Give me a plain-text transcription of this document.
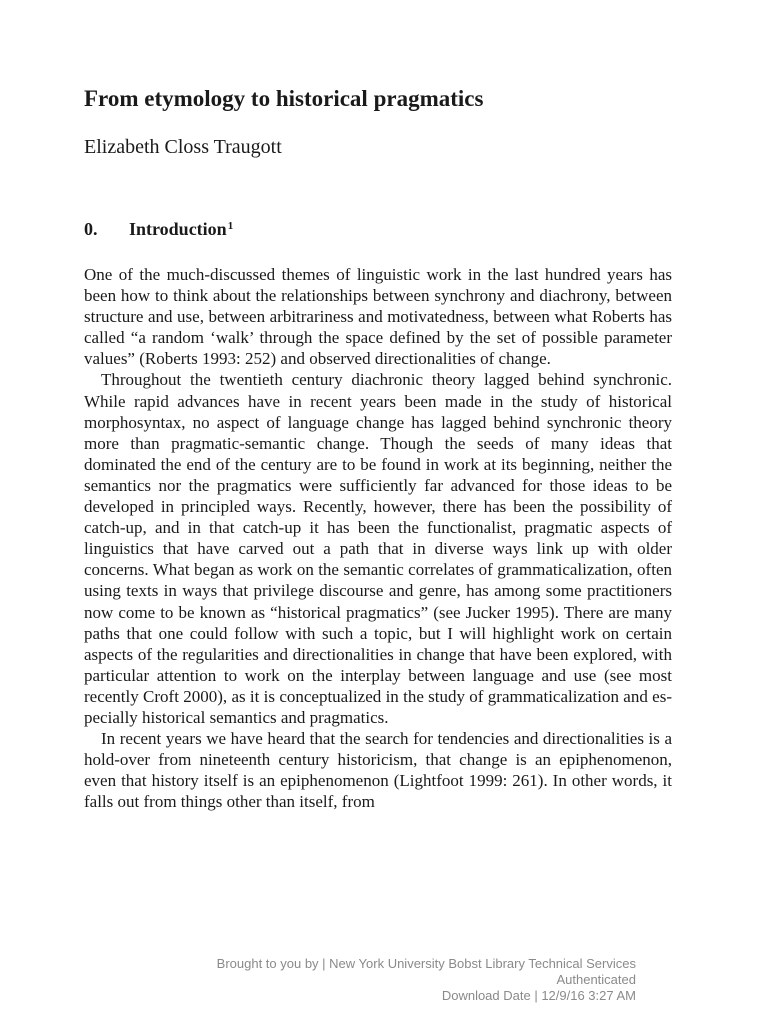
From etymology to historical pragmatics
Elizabeth Closs Traugott
0. Introduction$^1$

One of the much-discussed themes of linguistic work in the last hundred years has been how to think about the relationships between synchrony and diachrony, between structure and use, between arbitrariness and motivatedness, between what Roberts has called “a random ‘walk’ through the space defined by the set of possible parameter values” (Roberts 1993: 252) and observed directionalities of change.

Throughout the twentieth century diachronic theory lagged behind synchronic. While rapid advances have in recent years been made in the study of historical morphosyntax, no aspect of language change has lagged behind synchronic theory more than pragmatic-semantic change. Though the seeds of many ideas that dominated the end of the century are to be found in work at its beginning, neither the semantics nor the pragmatics were sufficiently far advanced for those ideas to be developed in principled ways. Recently, however, there has been the possibility of catch-up, and in that catch-up it has been the functionalist, pragmatic aspects of linguistics that have carved out a path that in diverse ways link up with older concerns. What began as work on the semantic correlates of grammaticalization, often using texts in ways that privilege discourse and genre, has among some practitioners now come to be known as “historical pragmatics” (see Jucker 1995). There are many paths that one could follow with such a topic, but I will highlight work on certain aspects of the regularities and directionalities in change that have been explored, with particular attention to work on the interplay between language and use (see most recently Croft 2000), as it is conceptualized in the study of grammaticalization and especially historical semantics and pragmatics.

In recent years we have heard that the search for tendencies and directionalities is a hold-over from nineteenth century historicism, that change is an epiphenomenon, even that history itself is an epiphenomenon (Lightfoot 1999: 261). In other words, it falls out from things other than itself, from

Brought to you by | New York University Bobst Library Technical Services
Authenticated
Download Date | 12/9/16 3:27 AM
